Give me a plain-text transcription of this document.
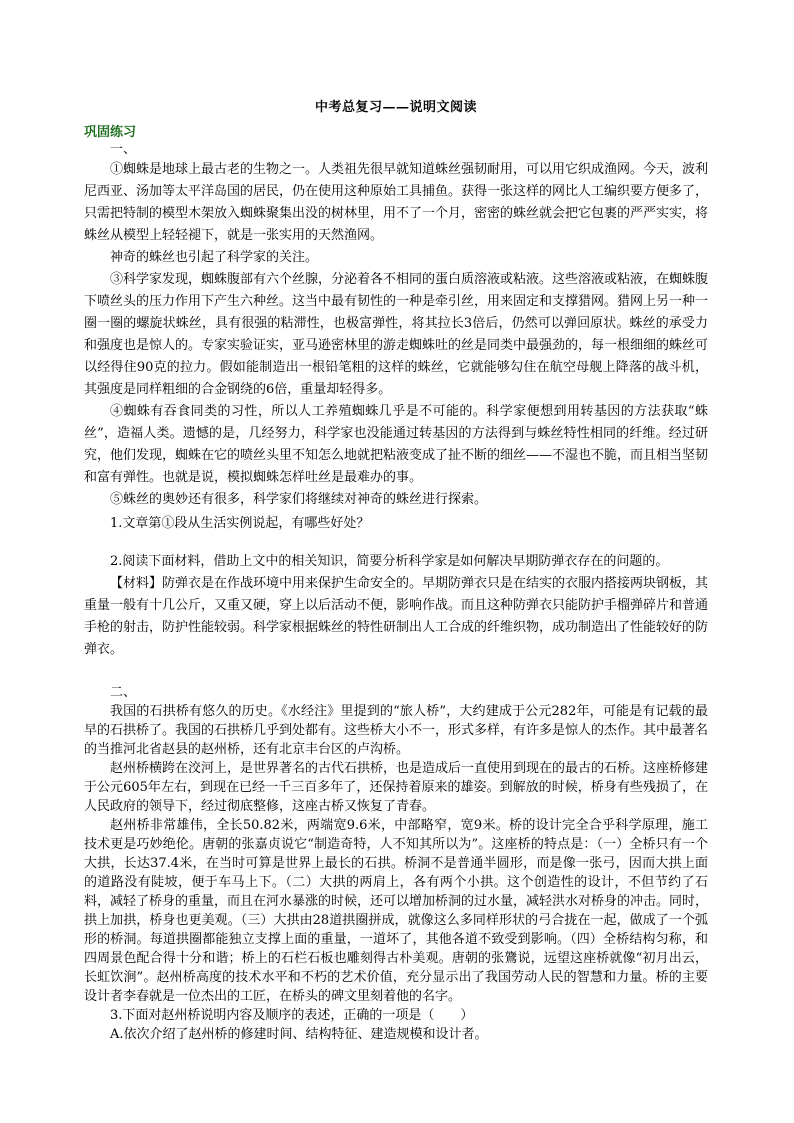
中考总复习——说明文阅读
巩固练习
一、

①蜘蛛是地球上最古老的生物之一。人类祖先很早就知道蛛丝强韧耐用，可以用它织成渔网。今天，波利尼西亚、汤加等太平洋岛国的居民，仍在使用这种原始工具捕鱼。获得一张这样的网比人工编织要方便多了，只需把特制的模型木架放入蜘蛛聚集出没的树林里，用不了一个月，密密的蛛丝就会把它包裹的严严实实，将蛛丝从模型上轻轻褪下，就是一张实用的天然渔网。

神奇的蛛丝也引起了科学家的关注。

③科学家发现，蜘蛛腹部有六个丝腺，分泌着各不相同的蛋白质溶液或粘液。这些溶液或粘液，在蜘蛛腹下喷丝头的压力作用下产生六种丝。这当中最有韧性的一种是牵引丝，用来固定和支撑猎网。猎网上另一种一圈一圈的螺旋状蛛丝，具有很强的粘滞性，也极富弹性，将其拉长3倍后，仍然可以弹回原状。蛛丝的承受力和强度也是惊人的。专家实验证实，亚马逊密林里的游走蜘蛛吐的丝是同类中最强劲的，每一根细细的蛛丝可以经得住90克的拉力。假如能制造出一根铅笔粗的这样的蛛丝，它就能够勾住在航空母舰上降落的战斗机，其强度是同样粗细的合金钢绕的6倍，重量却轻得多。

④蜘蛛有吞食同类的习性，所以人工养殖蜘蛛几乎是不可能的。科学家便想到用转基因的方法获取“蛛丝”，造福人类。遗憾的是，几经努力，科学家也没能通过转基因的方法得到与蛛丝特性相同的纤维。经过研究，他们发现，蜘蛛在它的喷丝头里不知怎么地就把粘液变成了扯不断的细丝——不湿也不脆，而且相当坚韧和富有弹性。也就是说，模拟蜘蛛怎样吐丝是最难办的事。

⑤蛛丝的奥妙还有很多，科学家们将继续对神奇的蛛丝进行探索。

1.文章第①段从生活实例说起，有哪些好处？

2.阅读下面材料，借助上文中的相关知识，简要分析科学家是如何解决早期防弹衣存在的问题的。

【材料】防弹衣是在作战环境中用来保护生命安全的。早期防弹衣只是在结实的衣服内搭接两块钢板，其重量一般有十几公斤，又重又硬，穿上以后活动不便，影响作战。而且这种防弹衣只能防护手榴弹碎片和普通手枪的射击，防护性能较弱。科学家根据蛛丝的特性研制出人工合成的纤维织物，成功制造出了性能较好的防弹衣。

二、

我国的石拱桥有悠久的历史。《水经注》里提到的“旅人桥”，大约建成于公元282年，可能是有记载的最早的石拱桥了。我国的石拱桥几乎到处都有。这些桥大小不一，形式多样，有许多是惊人的杰作。其中最著名的当推河北省赵县的赵州桥，还有北京丰台区的卢沟桥。

赵州桥横跨在洨河上，是世界著名的古代石拱桥，也是造成后一直使用到现在的最古的石桥。这座桥修建于公元605年左右，到现在已经一千三百多年了，还保持着原来的雄姿。到解放的时候，桥身有些残损了，在人民政府的领导下，经过彻底整修，这座古桥又恢复了青春。

赵州桥非常雄伟，全长50.82米，两端宽9.6米，中部略窄，宽9米。桥的设计完全合乎科学原理，施工技术更是巧妙绝伦。唐朝的张嘉贞说它“制造奇特，人不知其所以为”。这座桥的特点是：（一）全桥只有一个大拱，长达37.4米，在当时可算是世界上最长的石拱。桥洞不是普通半圆形，而是像一张弓，因而大拱上面的道路没有陡坡，便于车马上下。（二）大拱的两肩上，各有两个小拱。这个创造性的设计，不但节约了石料，减轻了桥身的重量，而且在河水暴涨的时候，还可以增加桥洞的过水量，减轻洪水对桥身的冲击。同时，拱上加拱，桥身也更美观。（三）大拱由28道拱圈拼成，就像这么多同样形状的弓合拢在一起，做成了一个弧形的桥洞。每道拱圈都能独立支撑上面的重量，一道坏了，其他各道不致受到影响。（四）全桥结构匀称，和四周景色配合得十分和谐；桥上的石栏石板也雕刻得古朴美观。唐朝的张鷟说，远望这座桥就像“初月出云，长虹饮涧”。赵州桥高度的技术水平和不朽的艺术价值，充分显示出了我国劳动人民的智慧和力量。桥的主要设计者李春就是一位杰出的工匠，在桥头的碑文里刻着他的名字。

3.下面对赵州桥说明内容及顺序的表述，正确的一项是（　　）

A.依次介绍了赵州桥的修建时间、结构特征、建造规模和设计者。
